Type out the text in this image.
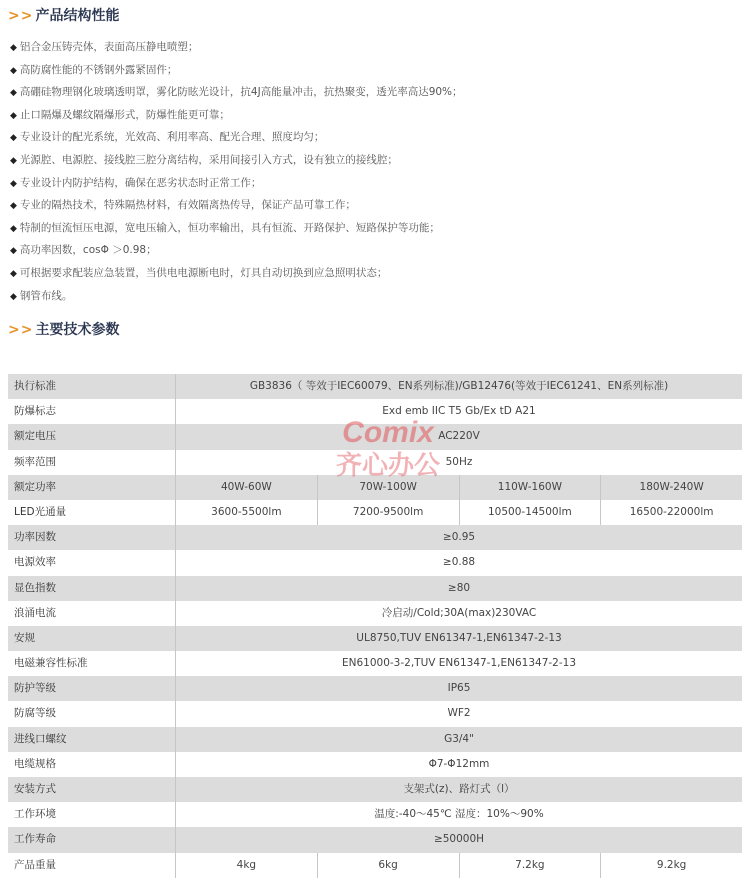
>> 产品结构性能
◆ 铝合金压铸壳体，表面高压静电喷塑；
◆ 高防腐性能的不锈钢外露紧固件；
◆ 高硼硅物理钢化玻璃透明罩，雾化防眩光设计，抗4J高能量冲击，抗热聚变，透光率高达90%；
◆ 止口隔爆及螺纹隔爆形式，防爆性能更可靠；
◆ 专业设计的配光系统，光效高、利用率高、配光合理、照度均匀；
◆ 光源腔、电源腔、接线腔三腔分离结构，采用间接引入方式，设有独立的接线腔；
◆ 专业设计内防护结构，确保在恶劣状态时正常工作；
◆ 专业的隔热技术，特殊隔热材料，有效隔离热传导，保证产品可靠工作；
◆ 特制的恒流恒压电源，宽电压输入，恒功率输出，具有恒流、开路保护、短路保护等功能；
◆ 高功率因数，cosΦ ＞0.98；
◆ 可根据要求配装应急装置，当供电电源断电时，灯具自动切换到应急照明状态；
◆ 钢管布线。
>> 主要技术参数
执行标准	GB3836（ 等效于IEC60079、EN系列标准)/GB12476(等效于IEC61241、EN系列标准)
防爆标志	Exd emb IIC T5 Gb/Ex tD A21
额定电压	AC220V
频率范围	50Hz
额定功率	40W-60W	70W-100W	110W-160W	180W-240W
LED光通量	3600-5500lm	7200-9500lm	10500-14500lm	16500-22000lm
功率因数	≥0.95
电源效率	≥0.88
显色指数	≥80
浪涌电流	冷启动/Cold;30A(max)230VAC
安规	UL8750,TUV EN61347-1,EN61347-2-13
电磁兼容性标准	EN61000-3-2,TUV EN61347-1,EN61347-2-13
防护等级	IP65
防腐等级	WF2
进线口螺纹	G3/4"
电缆规格	Φ7-Φ12mm
安装方式	支架式(z)、路灯式（l）
工作环境	温度:-40～45℃ 湿度：10%～90%
工作寿命	≥50000H
产品重量	4kg	6kg	7.2kg	9.2kg
Comix
齐心办公
